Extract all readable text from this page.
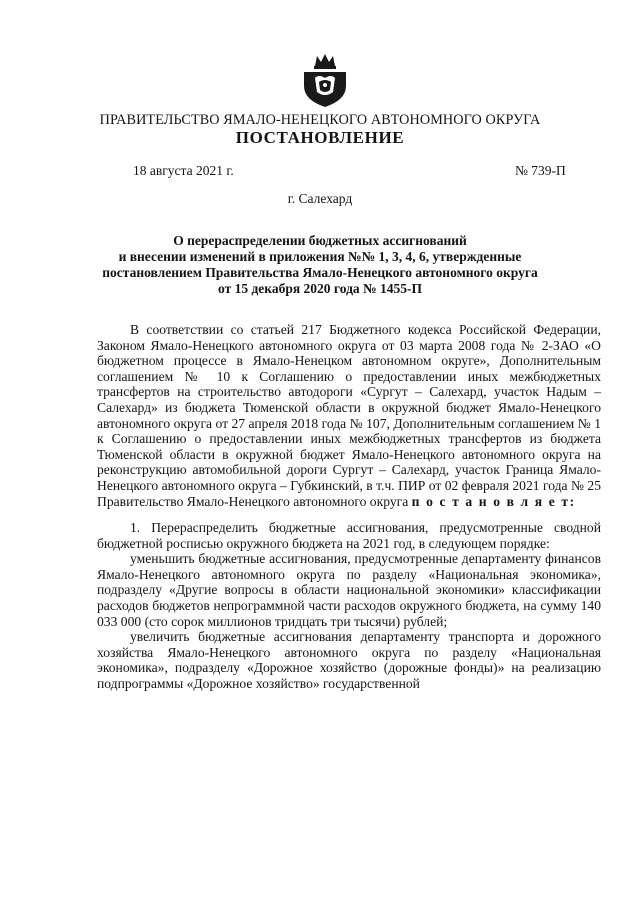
ПРАВИТЕЛЬСТВО ЯМАЛО-НЕНЕЦКОГО АВТОНОМНОГО ОКРУГА
ПОСТАНОВЛЕНИЕ
18 августа 2021 г.	№ 739-П
г. Салехард
О перераспределении бюджетных ассигнований
и внесении изменений в приложения №№ 1, 3, 4, 6, утвержденные
постановлением Правительства Ямало-Ненецкого автономного округа
от 15 декабря 2020 года № 1455-П

В соответствии со статьей 217 Бюджетного кодекса Российской Федерации, Законом Ямало-Ненецкого автономного округа от 03 марта 2008 года № 2-ЗАО «О бюджетном процессе в Ямало-Ненецком автономном округе», Дополнительным соглашением № 10 к Соглашению о предоставлении иных межбюджетных трансфертов на строительство автодороги «Сургут – Салехард, участок Надым – Салехард» из бюджета Тюменской области в окружной бюджет Ямало-Ненецкого автономного округа от 27 апреля 2018 года № 107, Дополнительным соглашением № 1 к Соглашению о предоставлении иных межбюджетных трансфертов из бюджета Тюменской области в окружной бюджет Ямало-Ненецкого автономного округа на реконструкцию автомобильной дороги Сургут – Салехард, участок Граница Ямало-Ненецкого автономного округа – Губкинский, в т.ч. ПИР от 02 февраля 2021 года № 25 Правительство Ямало-Ненецкого автономного округа п о с т а н о в л я е т:

1. Перераспределить бюджетные ассигнования, предусмотренные сводной бюджетной росписью окружного бюджета на 2021 год, в следующем порядке:

уменьшить бюджетные ассигнования, предусмотренные департаменту финансов Ямало-Ненецкого автономного округа по разделу «Национальная экономика», подразделу «Другие вопросы в области национальной экономики» классификации расходов бюджетов непрограммной части расходов окружного бюджета, на сумму 140 033 000 (сто сорок миллионов тридцать три тысячи) рублей;

увеличить бюджетные ассигнования департаменту транспорта и дорожного хозяйства Ямало-Ненецкого автономного округа по разделу «Национальная экономика», подразделу «Дорожное хозяйство (дорожные фонды)» на реализацию подпрограммы «Дорожное хозяйство» государственной
